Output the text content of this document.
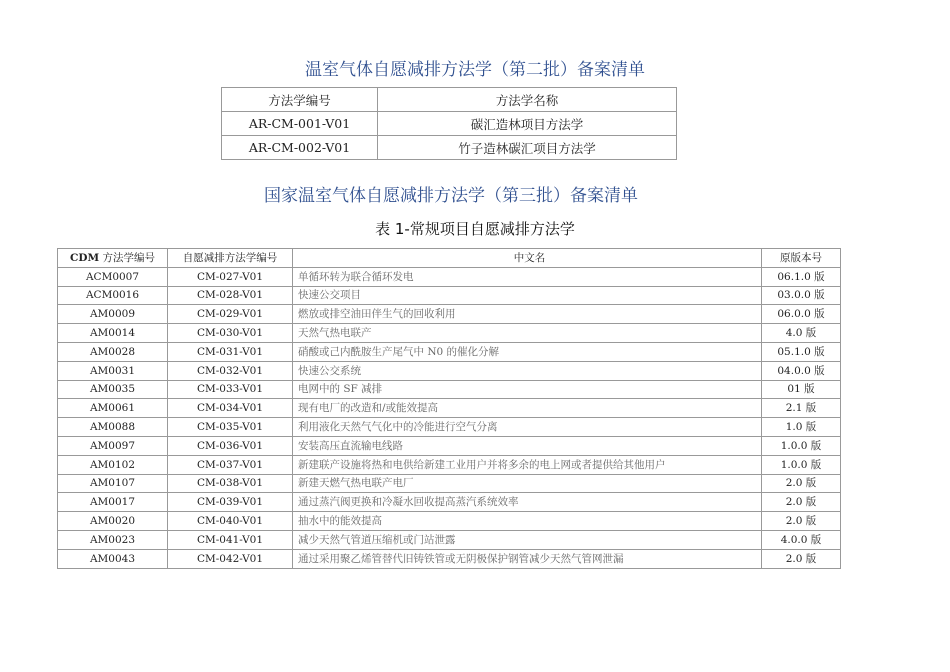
温室气体自愿减排方法学（第二批）备案清单
方法学编号	方法学名称
AR-CM-001-V01	碳汇造林项目方法学
AR-CM-002-V01	竹子造林碳汇项目方法学
国家温室气体自愿减排方法学（第三批）备案清单
表 1-常规项目自愿减排方法学
CDM 方法学编号	自愿减排方法学编号	中文名	原版本号
ACM0007	CM-027-V01	单循环转为联合循环发电	06.1.0 版
ACM0016	CM-028-V01	快速公交项目	03.0.0 版
AM0009	CM-029-V01	燃放或排空油田伴生气的回收利用	06.0.0 版
AM0014	CM-030-V01	天然气热电联产	4.0 版
AM0028	CM-031-V01	硝酸或己内酰胺生产尾气中 N0 的催化分解	05.1.0 版
AM0031	CM-032-V01	快速公交系统	04.0.0 版
AM0035	CM-033-V01	电网中的 SF 减排	01 版
AM0061	CM-034-V01	现有电厂的改造和/或能效提高	2.1 版
AM0088	CM-035-V01	利用液化天然气气化中的冷能进行空气分离	1.0 版
AM0097	CM-036-V01	安装高压直流输电线路	1.0.0 版
AM0102	CM-037-V01	新建联产设施将热和电供给新建工业用户并将多余的电上网或者提供给其他用户	1.0.0 版
AM0107	CM-038-V01	新建天燃气热电联产电厂	2.0 版
AM0017	CM-039-V01	通过蒸汽阀更换和冷凝水回收提高蒸汽系统效率	2.0 版
AM0020	CM-040-V01	抽水中的能效提高	2.0 版
AM0023	CM-041-V01	减少天然气管道压缩机或门站泄露	4.0.0 版
AM0043	CM-042-V01	通过采用聚乙烯管替代旧铸铁管或无阴极保护钢管减少天然气管网泄漏	2.0 版
